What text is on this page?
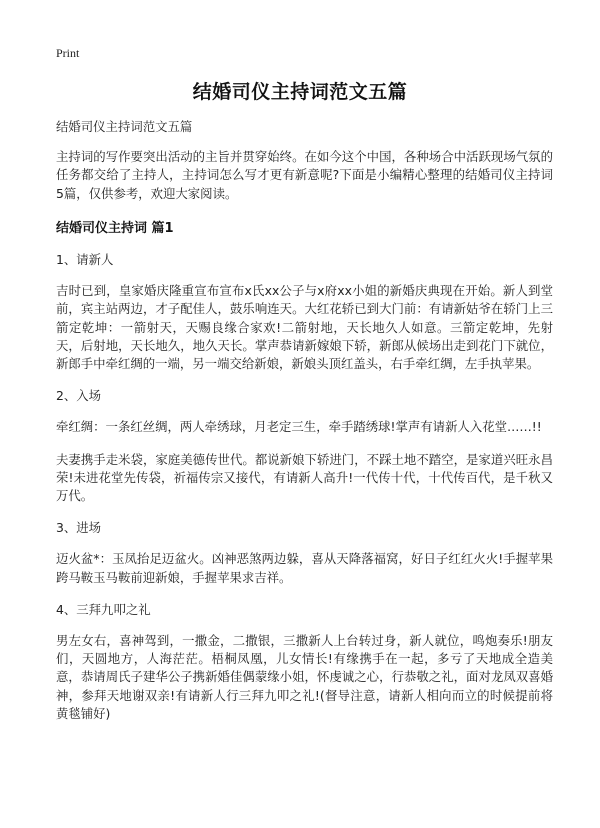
Print
结婚司仪主持词范文五篇

结婚司仪主持词范文五篇

主持词的写作要突出活动的主旨并贯穿始终。在如今这个中国，各种场合中活跃现场气氛的任务都交给了主持人，主持词怎么写才更有新意呢?下面是小编精心整理的结婚司仪主持词5篇，仅供参考，欢迎大家阅读。

结婚司仪主持词 篇1

1、请新人

吉时已到，皇家婚庆隆重宣布宣布x氏xx公子与x府xx小姐的新婚庆典现在开始。新人到堂前，宾主站两边，才子配佳人，鼓乐响连天。大红花轿已到大门前：有请新姑爷在轿门上三箭定乾坤：一箭射天，天赐良缘合家欢!二箭射地，天长地久人如意。三箭定乾坤，先射天，后射地，天长地久，地久天长。掌声恭请新嫁娘下轿，新郎从候场出走到花门下就位，新郎手中牵红绸的一端，另一端交给新娘，新娘头顶红盖头，右手牵红绸，左手执苹果。

2、入场

牵红绸：一条红丝绸，两人牵绣球，月老定三生，牵手踏绣球!掌声有请新人入花堂……!!

夫妻携手走米袋，家庭美德传世代。都说新娘下轿进门，不踩土地不踏空，是家道兴旺永昌荣!未进花堂先传袋，祈福传宗又接代，有请新人高升!一代传十代，十代传百代，是千秋又万代。

3、进场

迈火盆*：玉凤抬足迈盆火。凶神恶煞两边躲，喜从天降落福窝，好日子红红火火!手握苹果跨马鞍玉马鞍前迎新娘，手握苹果求吉祥。

4、三拜九叩之礼

男左女右，喜神驾到，一撒金，二撒银，三撒新人上台转过身，新人就位，鸣炮奏乐!朋友们，天圆地方，人海茫茫。梧桐凤凰，儿女情长!有缘携手在一起，多亏了天地成全造美意，恭请周氏子建华公子携新婚佳偶蒙缘小姐，怀虔诚之心，行恭敬之礼，面对龙凤双喜婚神，参拜天地谢双亲!有请新人行三拜九叩之礼!(督导注意，请新人相向而立的时候提前将黄毯铺好)
